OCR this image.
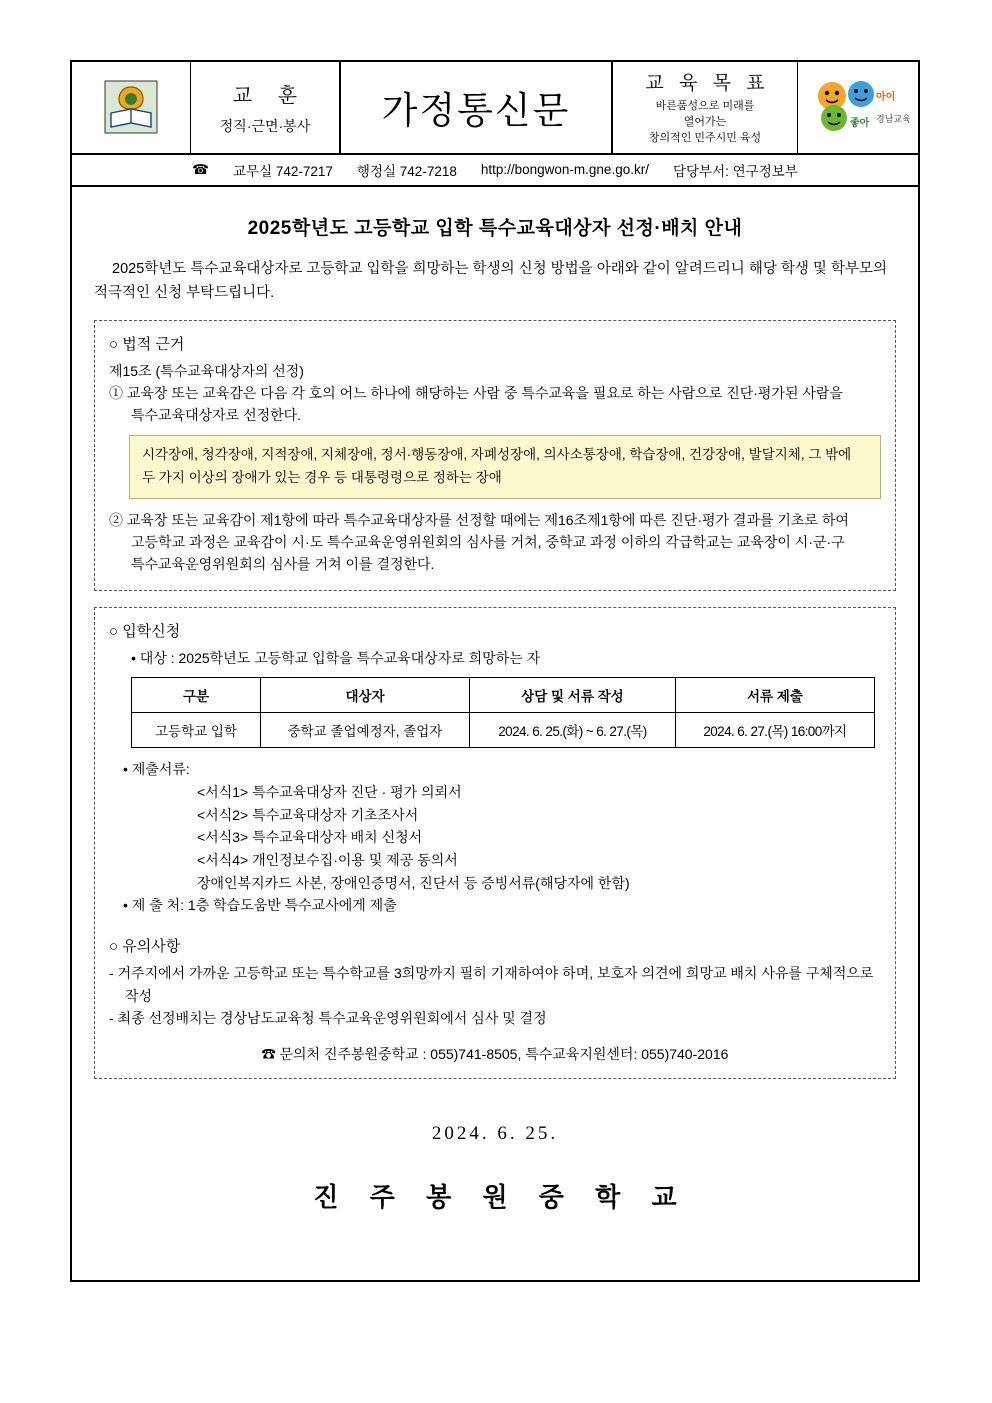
교 훈
정직·근면·봉사 가정통신문
교 육 목 표
바른품성으로 미래를
열어가는
창의적인 민주시민 육성
아이
좋아 경남교육
☎ 교무실 742-7217 행정실 742-7218 http://bongwon-m.gne.go.kr/ 담당부서: 연구정보부
2025학년도 고등학교 입학 특수교육대상자 선정·배치 안내
2025학년도 특수교육대상자로 고등학교 입학을 희망하는 학생의 신청 방법을 아래와 같이 알려드리니 해당 학생 및 학부모의 적극적인 신청 부탁드립니다.
○ 법적 근거
제15조 (특수교육대상자의 선정)
① 교육장 또는 교육감은 다음 각 호의 어느 하나에 해당하는 사람 중 특수교육을 필요로 하는 사람으로 진단·평가된 사람을 특수교육대상자로 선정한다.
시각장애, 청각장애, 지적장애, 지체장애, 정서·행동장애, 자폐성장애, 의사소통장애, 학습장애, 건강장애, 발달지체, 그 밖에 두 가지 이상의 장애가 있는 경우 등 대통령령으로 정하는 장애
② 교육장 또는 교육감이 제1항에 따라 특수교육대상자를 선정할 때에는 제16조제1항에 따른 진단·평가 결과를 기초로 하여 고등학교 과정은 교육감이 시·도 특수교육운영위원회의 심사를 거쳐, 중학교 과정 이하의 각급학교는 교육장이 시·군·구 특수교육운영위원회의 심사를 거쳐 이를 결정한다.
○ 입학신청
• 대상 : 2025학년도 고등학교 입학을 특수교육대상자로 희망하는 자
구분	대상자	상담 및 서류 작성	서류 제출
고등학교 입학	중학교 졸업예정자, 졸업자	2024. 6. 25.(화) ~ 6. 27.(목)	2024. 6. 27.(목) 16:00까지
• 제출서류:
<서식1> 특수교육대상자 진단 · 평가 의뢰서
<서식2> 특수교육대상자 기초조사서
<서식3> 특수교육대상자 배치 신청서
<서식4> 개인정보수집·이용 및 제공 동의서
장애인복지카드 사본, 장애인증명서, 진단서 등 증빙서류(해당자에 한함)
• 제 출 처: 1층 학습도움반 특수교사에게 제출
○ 유의사항
- 거주지에서 가까운 고등학교 또는 특수학교를 3희망까지 필히 기재하여야 하며, 보호자 의견에 희망교 배치 사유를 구체적으로 작성
- 최종 선정배치는 경상남도교육청 특수교육운영위원회에서 심사 및 결정
☎ 문의처 진주봉원중학교 : 055)741-8505, 특수교육지원센터: 055)740-2016
2024. 6. 25.
진 주 봉 원 중 학 교
